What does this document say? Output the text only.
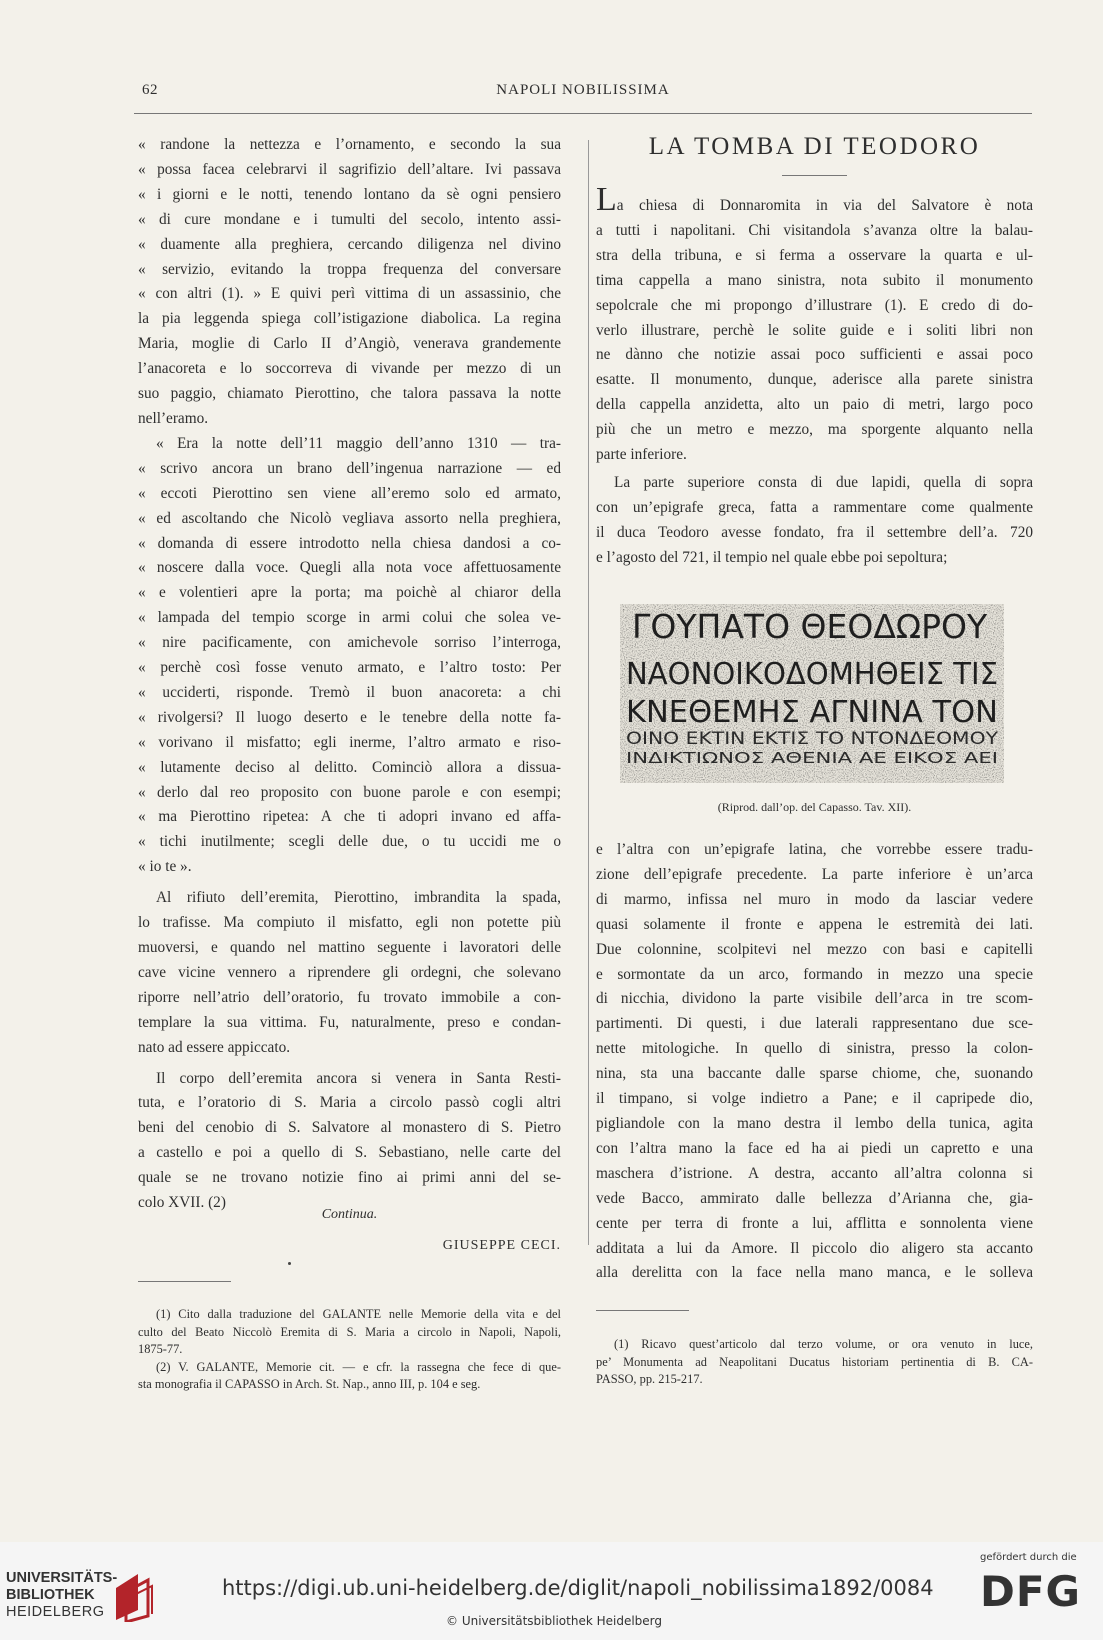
62	NAPOLI NOBILISSIMA
« randone la nettezza e l’ornamento, e secondo la sua
« possa facea celebrarvi il sagrifizio dell’altare. Ivi passava
« i giorni e le notti, tenendo lontano da sè ogni pensiero
« di cure mondane e i tumulti del secolo, intento assi-
« duamente alla preghiera, cercando diligenza nel divino
« servizio, evitando la troppa frequenza del conversare
« con altri (1). » E quivi perì vittima di un assassinio, che
la pia leggenda spiega coll’istigazione diabolica. La regina
Maria, moglie di Carlo II d’Angiò, venerava grandemente
l’anacoreta e lo soccorreva di vivande per mezzo di un
suo paggio, chiamato Pierottino, che talora passava la notte
nell’eramo.
« Era la notte dell’11 maggio dell’anno 1310 — tra-
« scrivo ancora un brano dell’ingenua narrazione — ed
« eccoti Pierottino sen viene all’eremo solo ed armato,
« ed ascoltando che Nicolò vegliava assorto nella preghiera,
« domanda di essere introdotto nella chiesa dandosi a co-
« noscere dalla voce. Quegli alla nota voce affettuosamente
« e volentieri apre la porta; ma poichè al chiaror della
« lampada del tempio scorge in armi colui che solea ve-
« nire pacificamente, con amichevole sorriso l’interroga,
« perchè così fosse venuto armato, e l’altro tosto: Per
« ucciderti, risponde. Tremò il buon anacoreta: a chi
« rivolgersi? Il luogo deserto e le tenebre della notte fa-
« vorivano il misfatto; egli inerme, l’altro armato e riso-
« lutamente deciso al delitto. Cominciò allora a dissua-
« derlo dal reo proposito con buone parole e con esempi;
« ma Pierottino ripetea: A che ti adopri invano ed affa-
« tichi inutilmente; scegli delle due, o tu uccidi me o
« io te ».
Al rifiuto dell’eremita, Pierottino, imbrandita la spada,
lo trafisse. Ma compiuto il misfatto, egli non potette più
muoversi, e quando nel mattino seguente i lavoratori delle
cave vicine vennero a riprendere gli ordegni, che solevano
riporre nell’atrio dell’oratorio, fu trovato immobile a con-
templare la sua vittima. Fu, naturalmente, preso e condan-
nato ad essere appiccato.
Il corpo dell’eremita ancora si venera in Santa Resti-
tuta, e l’oratorio di S. Maria a circolo passò cogli altri
beni del cenobio di S. Salvatore al monastero di S. Pietro
a castello e poi a quello di S. Sebastiano, nelle carte del
quale se ne trovano notizie fino ai primi anni del se-
colo XVII. (2)
Continua.
GIUSEPPE CECI.
LA TOMBA DI TEODORO
La chiesa di Donnaromita in via del Salvatore è nota
a tutti i napolitani. Chi visitandola s’avanza oltre la balau-
stra della tribuna, e si ferma a osservare la quarta e ul-
tima cappella a mano sinistra, nota subito il monumento
sepolcrale che mi propongo d’illustrare (1). E credo di do-
verlo illustrare, perchè le solite guide e i soliti libri non
ne dànno che notizie assai poco sufficienti e assai poco
esatte. Il monumento, dunque, aderisce alla parete sinistra
della cappella anzidetta, alto un paio di metri, largo poco
più che un metro e mezzo, ma sporgente alquanto nella
parte inferiore.
La parte superiore consta di due lapidi, quella di sopra
con un’epigrafe greca, fatta a rammentare come qualmente
il duca Teodoro avesse fondato, fra il settembre dell’a. 720
e l’agosto del 721, il tempio nel quale ebbe poi sepoltura;
ΓΟΥΠΑΤΟ ΘΕΟΔΩΡΟΥ
ΝΑΟΝΟΙΚΟΔΟΜΗΘΕΙΣ ΤΙΣ
ΚΝΕΘΕΜΗΣ ΑΓΝΙΝΑ ΤΟΝ
ΟΙΝΟ ΕΚΤΙΝ ΕΚΤΙΣ ΤΟ ΝΤΟΝΔΕΟΜΟΥ
ΙΝΔΙΚΤΙΩΝΟΣ ΑΘΕΝΙΑ ΑΕ ΕΙΚΟΣ ΑΕΙ
(Riprod. dall’op. del Capasso. Tav. XII).
e l’altra con un’epigrafe latina, che vorrebbe essere tradu-
zione dell’epigrafe precedente. La parte inferiore è un’arca
di marmo, infissa nel muro in modo da lasciar vedere
quasi solamente il fronte e appena le estremità dei lati.
Due colonnine, scolpitevi nel mezzo con basi e capitelli
e sormontate da un arco, formando in mezzo una specie
di nicchia, dividono la parte visibile dell’arca in tre scom-
partimenti. Di questi, i due laterali rappresentano due sce-
nette mitologiche. In quello di sinistra, presso la colon-
nina, sta una baccante dalle sparse chiome, che, suonando
il timpano, si volge indietro a Pane; e il capripede dio,
pigliandole con la mano destra il lembo della tunica, agita
con l’altra mano la face ed ha ai piedi un capretto e una
maschera d’istrione. A destra, accanto all’altra colonna si
vede Bacco, ammirato dalle bellezza d’Arianna che, gia-
cente per terra di fronte a lui, afflitta e sonnolenta viene
additata a lui da Amore. Il piccolo dio aligero sta accanto
alla derelitta con la face nella mano manca, e le solleva
(1) Cito dalla traduzione del GALANTE nelle Memorie della vita e del
culto del Beato Niccolò Eremita di S. Maria a circolo in Napoli, Napoli,
1875-77.
(2) V. GALANTE, Memorie cit. — e cfr. la rassegna che fece di que-
sta monografia il CAPASSO in Arch. St. Nap., anno III, p. 104 e seg.
(1) Ricavo quest’articolo dal terzo volume, or ora venuto in luce,
pe’ Monumenta ad Neapolitani Ducatus historiam pertinentia di B. CA-
PASSO, pp. 215-217.
UNIVERSITÄTS-
BIBLIOTHEK
HEIDELBERG
https://digi.ub.uni-heidelberg.de/diglit/napoli_nobilissima1892/0084
© Universitätsbibliothek Heidelberg
gefördert durch die
DFG
